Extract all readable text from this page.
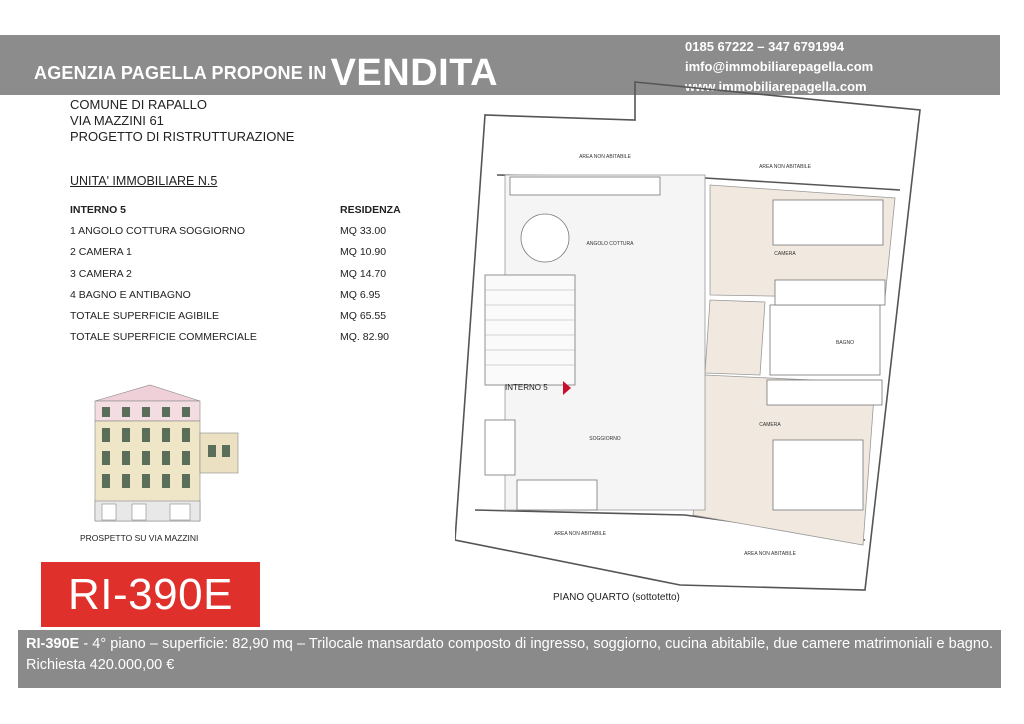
AGENZIA PAGELLA PROPONE IN VENDITA
0185 67222 – 347 6791994
imfo@immobiliarepagella.com
www.immobiliarepagella.com
COMUNE DI RAPALLO
VIA MAZZINI 61
PROGETTO DI RISTRUTTURAZIONE
UNITA' IMMOBILIARE N.5
INTERNO 5	RESIDENZA
1 ANGOLO COTTURA SOGGIORNO	MQ 33.00
2 CAMERA 1	MQ 10.90
3 CAMERA 2	MQ 14.70
4 BAGNO E ANTIBAGNO	MQ 6.95
TOTALE SUPERFICIE AGIBILE	MQ 65.55
TOTALE SUPERFICIE COMMERCIALE	MQ. 82.90
PROSPETTO SU VIA MAZZINI
RI-390E
AREA NON ABITABILE
AREA NON ABITABILE
ANGOLO COTTURA
CAMERA
BAGNO
CAMERA
SOGGIORNO
AREA NON ABITABILE
AREA NON ABITABILE
INTERNO 5
PIANO QUARTO (sottotetto)
RI-390E - 4° piano – superficie: 82,90 mq – Trilocale mansardato composto di ingresso, soggiorno, cucina abitabile, due camere matrimoniali e bagno. Richiesta 420.000,00 €
